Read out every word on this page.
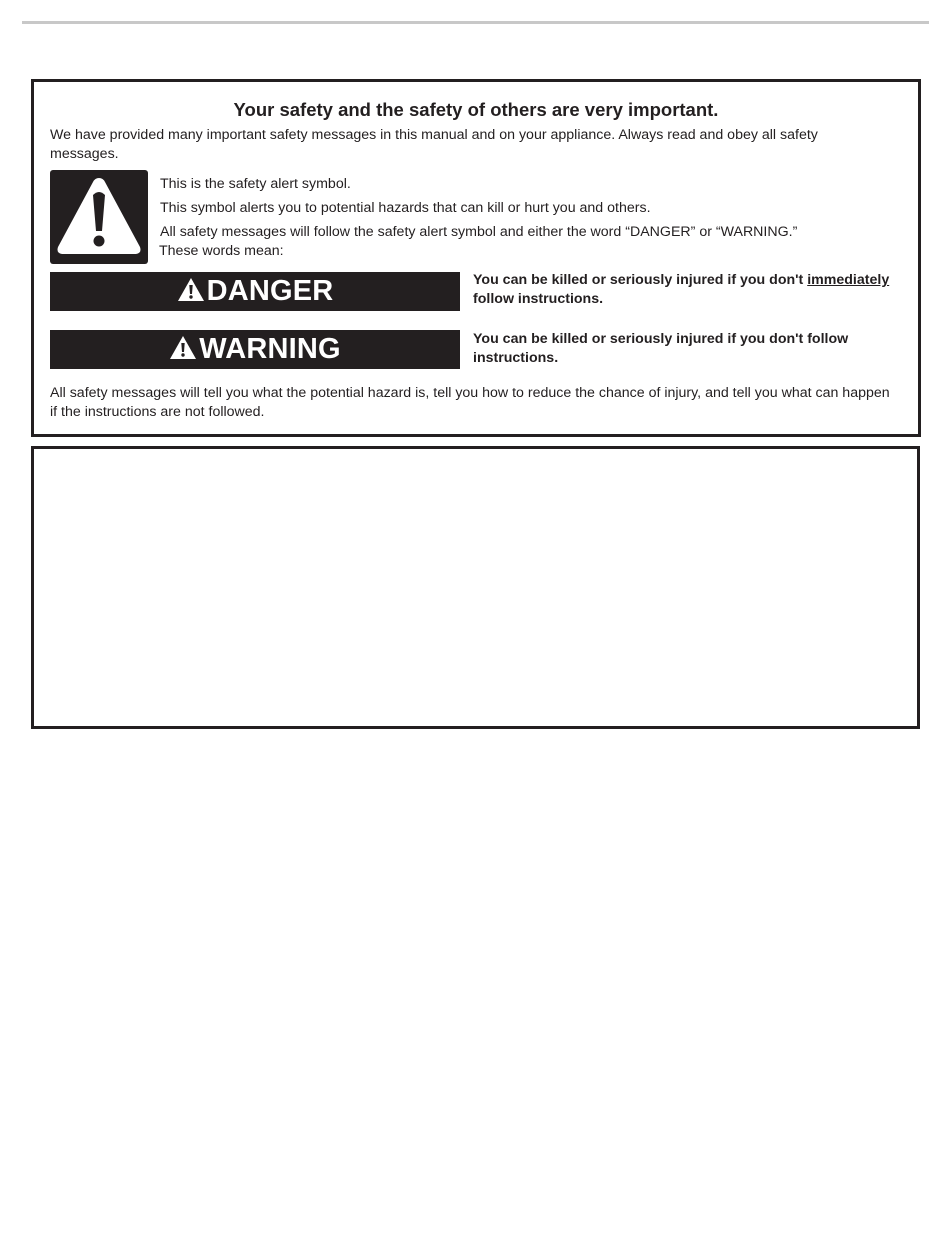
Your safety and the safety of others are very important.

We have provided many important safety messages in this manual and on your appliance. Always read and obey all safety messages.

This is the safety alert symbol.

This symbol alerts you to potential hazards that can kill or hurt you and others.

All safety messages will follow the safety alert symbol and either the word “DANGER” or “WARNING.”

These words mean:

DANGER	You can be killed or seriously injured if you don't immediately follow instructions.

WARNING	You can be killed or seriously injured if you don't follow instructions.

All safety messages will tell you what the potential hazard is, tell you how to reduce the chance of injury, and tell you what can happen if the instructions are not followed.
